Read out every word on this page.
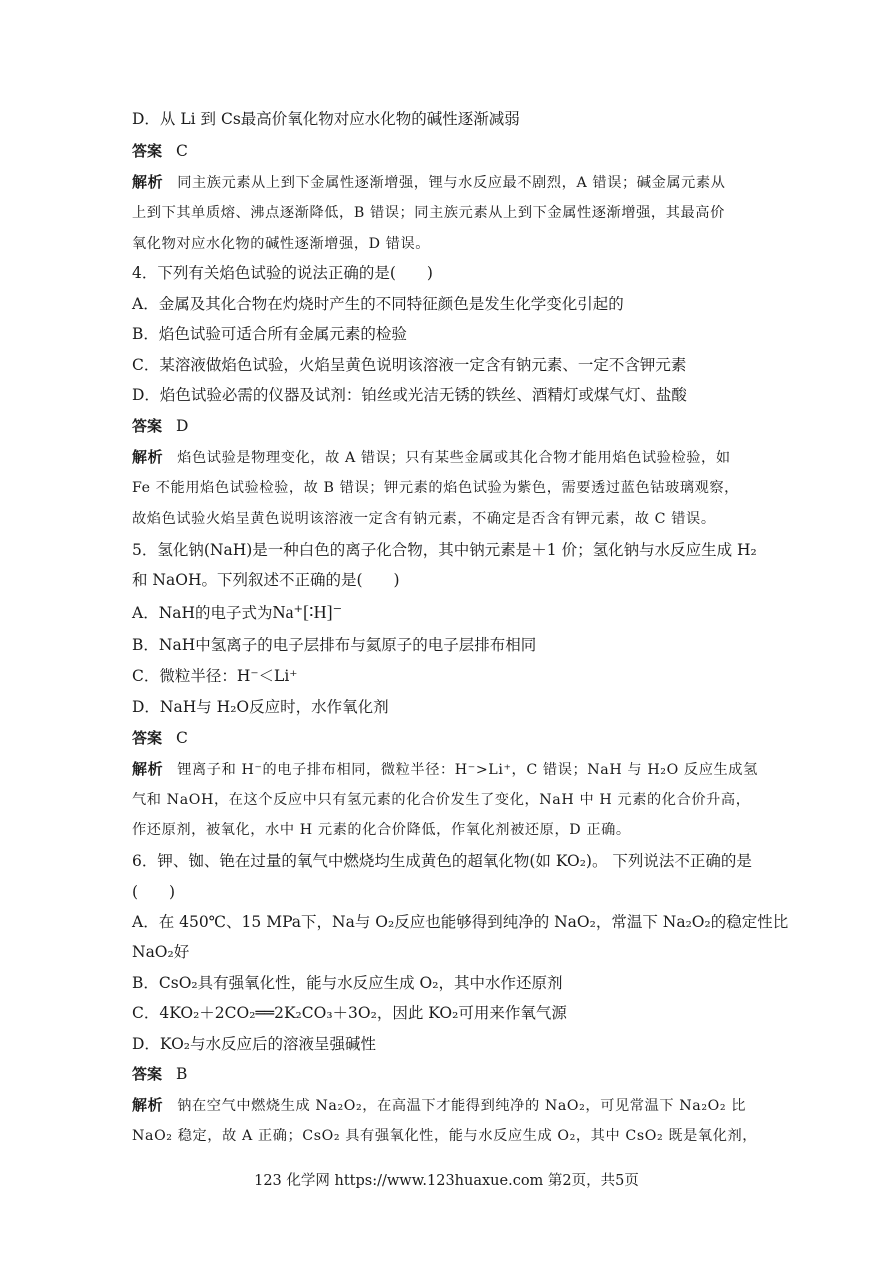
D．从 Li 到 Cs最高价氧化物对应水化物的碱性逐渐减弱
答案 C
解析 同主族元素从上到下金属性逐渐增强，锂与水反应最不剧烈，A 错误；碱金属元素从
上到下其单质熔、沸点逐渐降低，B 错误；同主族元素从上到下金属性逐渐增强，其最高价
氧化物对应水化物的碱性逐渐增强，D 错误。
4．下列有关焰色试验的说法正确的是(　　)
A．金属及其化合物在灼烧时产生的不同特征颜色是发生化学变化引起的
B．焰色试验可适合所有金属元素的检验
C．某溶液做焰色试验，火焰呈黄色说明该溶液一定含有钠元素、一定不含钾元素
D．焰色试验必需的仪器及试剂：铂丝或光洁无锈的铁丝、酒精灯或煤气灯、盐酸
答案 D
解析 焰色试验是物理变化，故 A 错误；只有某些金属或其化合物才能用焰色试验检验，如
Fe 不能用焰色试验检验，故 B 错误；钾元素的焰色试验为紫色，需要透过蓝色钴玻璃观察，
故焰色试验火焰呈黄色说明该溶液一定含有钠元素，不确定是否含有钾元素，故 C 错误。
5．氢化钠(NaH)是一种白色的离子化合物，其中钠元素是＋1 价；氢化钠与水反应生成 H₂
和 NaOH。下列叙述不正确的是(　　)
A．NaH的电子式为Na⁺[∶H]⁻
B．NaH中氢离子的电子层排布与氦原子的电子层排布相同
C．微粒半径：H⁻＜Li⁺
D．NaH与 H₂O反应时，水作氧化剂
答案 C
解析 锂离子和 H⁻的电子排布相同，微粒半径：H⁻>Li⁺，C 错误；NaH 与 H₂O 反应生成氢
气和 NaOH，在这个反应中只有氢元素的化合价发生了变化，NaH 中 H 元素的化合价升高，
作还原剂，被氧化，水中 H 元素的化合价降低，作氧化剂被还原，D 正确。
6．钾、铷、铯在过量的氧气中燃烧均生成黄色的超氧化物(如 KO₂)。 下列说法不正确的是
(　　)
A．在 450℃、15 MPa下，Na与 O₂反应也能够得到纯净的 NaO₂，常温下 Na₂O₂的稳定性比
NaO₂好
B．CsO₂具有强氧化性，能与水反应生成 O₂，其中水作还原剂
C．4KO₂＋2CO₂══2K₂CO₃＋3O₂，因此 KO₂可用来作氧气源
D．KO₂与水反应后的溶液呈强碱性
答案 B
解析 钠在空气中燃烧生成 Na₂O₂，在高温下才能得到纯净的 NaO₂，可见常温下 Na₂O₂ 比
NaO₂ 稳定，故 A 正确；CsO₂ 具有强氧化性，能与水反应生成 O₂，其中 CsO₂ 既是氧化剂，
123 化学网 https://www.123huaxue.com 第2页，共5页
